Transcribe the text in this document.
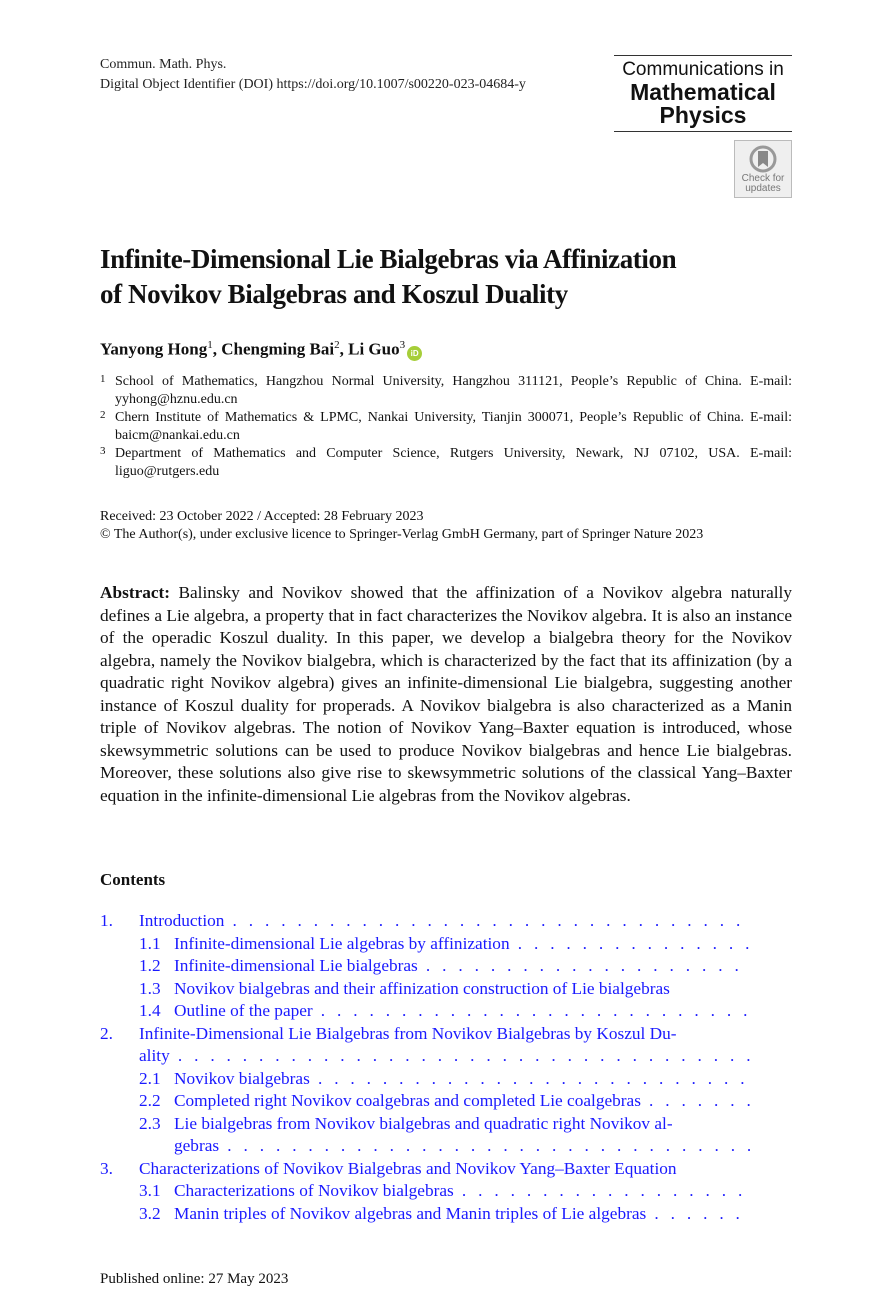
Commun. Math. Phys.
Digital Object Identifier (DOI) https://doi.org/10.1007/s00220-023-04684-y
Communications in
Mathematical
Physics
Check for
updates
Infinite-Dimensional Lie Bialgebras via Affinization
of Novikov Bialgebras and Koszul Duality
Yanyong Hong$^1$, Chengming Bai$^2$, Li Guo$^3$iD
1 School of Mathematics, Hangzhou Normal University, Hangzhou 311121, People’s Republic of China. E-mail: yyhong@hznu.edu.cn
2 Chern Institute of Mathematics & LPMC, Nankai University, Tianjin 300071, People’s Republic of China. E-mail: baicm@nankai.edu.cn
3 Department of Mathematics and Computer Science, Rutgers University, Newark, NJ 07102, USA. E-mail: liguo@rutgers.edu
Received: 23 October 2022 / Accepted: 28 February 2023
© The Author(s), under exclusive licence to Springer-Verlag GmbH Germany, part of Springer Nature 2023
Abstract: Balinsky and Novikov showed that the affinization of a Novikov algebra naturally defines a Lie algebra, a property that in fact characterizes the Novikov algebra. It is also an instance of the operadic Koszul duality. In this paper, we develop a bialgebra theory for the Novikov algebra, namely the Novikov bialgebra, which is characterized by the fact that its affinization (by a quadratic right Novikov algebra) gives an infinite-dimensional Lie bialgebra, suggesting another instance of Koszul duality for properads. A Novikov bialgebra is also characterized as a Manin triple of Novikov algebras. The notion of Novikov Yang–Baxter equation is introduced, whose skewsymmetric solutions can be used to produce Novikov bialgebras and hence Lie bialgebras. Moreover, these solutions also give rise to skewsymmetric solutions of the classical Yang–Baxter equation in the infinite-dimensional Lie algebras from the Novikov algebras.
Contents
1. Introduction . . .
1.1 Infinite-dimensional Lie algebras by affinization . . .
1.2 Infinite-dimensional Lie bialgebras . . .
1.3 Novikov bialgebras and their affinization construction of Lie bialgebras
1.4 Outline of the paper . . .
2. Infinite-Dimensional Lie Bialgebras from Novikov Bialgebras by Koszul Du-
ality . . .
2.1 Novikov bialgebras . . .
2.2 Completed right Novikov coalgebras and completed Lie coalgebras . . .
2.3 Lie bialgebras from Novikov bialgebras and quadratic right Novikov al-
gebras . . .
3. Characterizations of Novikov Bialgebras and Novikov Yang–Baxter Equation
3.1 Characterizations of Novikov bialgebras . . .
3.2 Manin triples of Novikov algebras and Manin triples of Lie algebras . . .
Published online: 27 May 2023
